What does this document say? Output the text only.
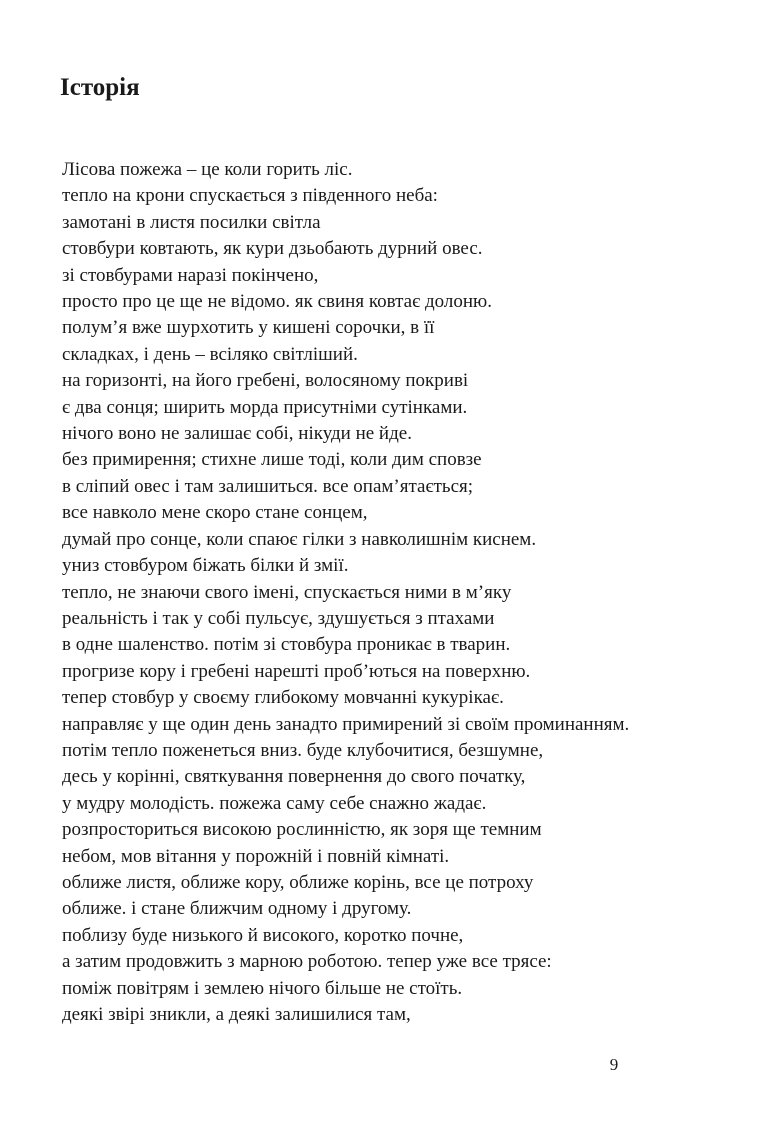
Історія
Лісова пожежа – це коли горить ліс.
тепло на крони спускається з південного неба:
замотані в листя посилки світла
стовбури ковтають, як кури дзьобають дурний овес.
зі стовбурами наразі покінчено,
просто про це ще не відомо. як свиня ковтає долоню.
полум’я вже шурхотить у кишені сорочки, в її
складках, і день – всіляко світліший.
на горизонті, на його гребені, волосяному покриві
є два сонця; ширить морда присутніми сутінками.
нічого воно не залишає собі, нікуди не йде.
без примирення; стихне лише тоді, коли дим сповзе
в сліпий овес і там залишиться. все опам’ятається;
все навколо мене скоро стане сонцем,
думай про сонце, коли спаює гілки з навколишнім киснем.
униз стовбуром біжать білки й змії.
тепло, не знаючи свого імені, спускається ними в м’яку
реальність і так у собі пульсує, здушується з птахами
в одне шаленство. потім зі стовбура проникає в тварин.
прогризе кору і гребені нарешті проб’ються на поверхню.
тепер стовбур у своєму глибокому мовчанні кукурікає.
направляє у ще один день занадто примирений зі своїм проминанням.
потім тепло поженеться вниз. буде клубочитися, безшумне,
десь у корінні, святкування повернення до свого початку,
у мудру молодість. пожежа саму себе снажно жадає.
розпросториться високою рослинністю, як зоря ще темним
небом, мов вітання у порожній і повній кімнаті.
оближе листя, оближе кору, оближе корінь, все це потроху
оближе. і стане ближчим одному і другому.
поблизу буде низького й високого, коротко почне,
а затим продовжить з марною роботою. тепер уже все трясе:
поміж повітрям і землею нічого більше не стоїть.
деякі звірі зникли, а деякі залишилися там,
9
